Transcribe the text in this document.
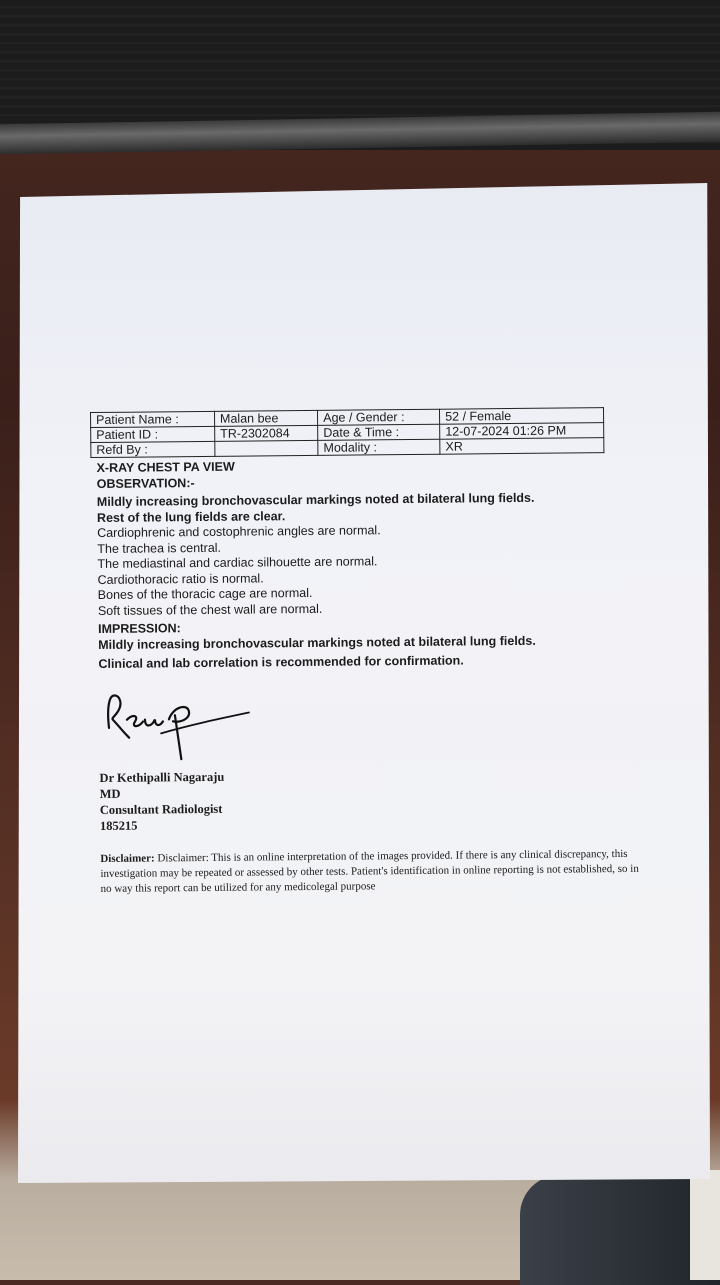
Patient Name :	Malan bee	Age / Gender :	52 / Female
Patient ID :	TR-2302084	Date & Time :	12-07-2024 01:26 PM
Refd By :		Modality :	XR
X-RAY CHEST PA VIEW
OBSERVATION:-
Mildly increasing bronchovascular markings noted at bilateral lung fields.
Rest of the lung fields are clear.
Cardiophrenic and costophrenic angles are normal.
The trachea is central.
The mediastinal and cardiac silhouette are normal.
Cardiothoracic ratio is normal.
Bones of the thoracic cage are normal.
Soft tissues of the chest wall are normal.
IMPRESSION:
Mildly increasing bronchovascular markings noted at bilateral lung fields.
Clinical and lab correlation is recommended for confirmation.
Dr Kethipalli Nagaraju
MD
Consultant Radiologist
185215
Disclaimer: Disclaimer: This is an online interpretation of the images provided. If there is any clinical discrepancy, this investigation may be repeated or assessed by other tests. Patient's identification in online reporting is not established, so in no way this report can be utilized for any medicolegal purpose
